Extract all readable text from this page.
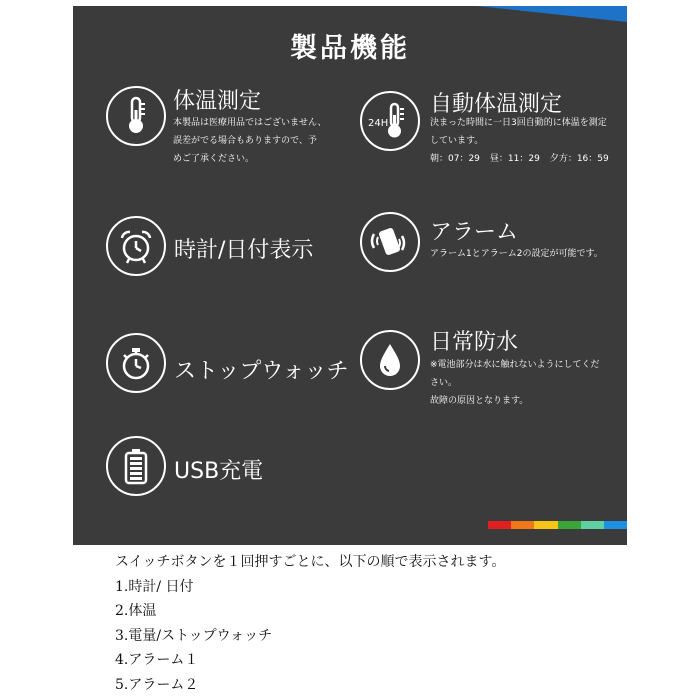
製品機能
体温測定
本製品は医療用品ではございません、
誤差がでる場合もありますので、予
めご了承ください。
24H
自動体温測定
決まった時間に一日3回自動的に体温を測定
しています。
朝：07：29 昼：11：29 夕方：16：59
時計/日付表示
アラーム
アラーム1とアラーム2の設定が可能です。
ストップウォッチ
日常防水
※電池部分は水に触れないようにしてくだ
さい。
故障の原因となります。
USB充電
スイッチボタンを１回押すごとに、以下の順で表示されます。
1.時計/ 日付
2.体温
3.電量/ストップウォッチ
4.アラーム１
5.アラーム２
